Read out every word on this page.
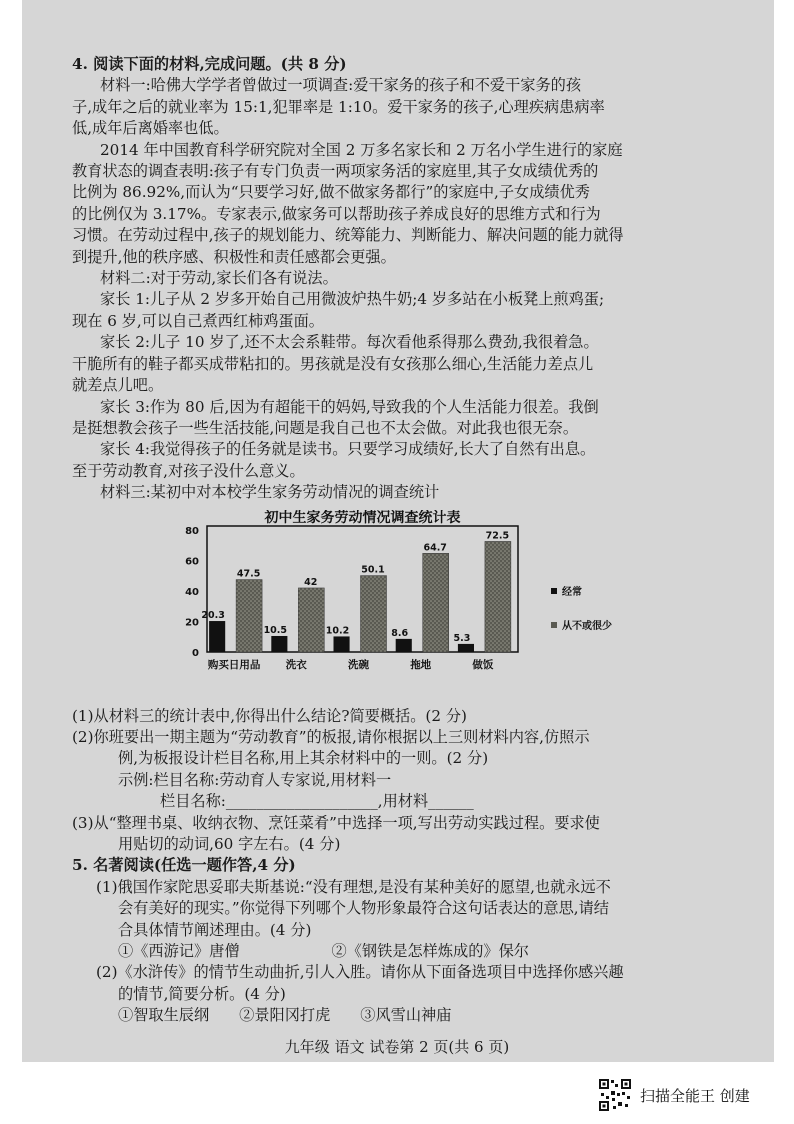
4. 阅读下面的材料,完成问题。(共 8 分)

材料一:哈佛大学学者曾做过一项调查:爱干家务的孩子和不爱干家务的孩

子,成年之后的就业率为 15:1,犯罪率是 1:10。爱干家务的孩子,心理疾病患病率

低,成年后离婚率也低。

2014 年中国教育科学研究院对全国 2 万多名家长和 2 万名小学生进行的家庭

教育状态的调查表明:孩子有专门负责一两项家务活的家庭里,其子女成绩优秀的

比例为 86.92%,而认为“只要学习好,做不做家务都行”的家庭中,子女成绩优秀

的比例仅为 3.17%。专家表示,做家务可以帮助孩子养成良好的思维方式和行为

习惯。在劳动过程中,孩子的规划能力、统筹能力、判断能力、解决问题的能力就得

到提升,他的秩序感、积极性和责任感都会更强。

材料二:对于劳动,家长们各有说法。

家长 1:儿子从 2 岁多开始自己用微波炉热牛奶;4 岁多站在小板凳上煎鸡蛋;

现在 6 岁,可以自己煮西红柿鸡蛋面。

家长 2:儿子 10 岁了,还不太会系鞋带。每次看他系得那么费劲,我很着急。

干脆所有的鞋子都买成带粘扣的。男孩就是没有女孩那么细心,生活能力差点儿

就差点儿吧。

家长 3:作为 80 后,因为有超能干的妈妈,导致我的个人生活能力很差。我倒

是挺想教会孩子一些生活技能,问题是我自己也不太会做。对此我也很无奈。

家长 4:我觉得孩子的任务就是读书。只要学习成绩好,长大了自然有出息。

至于劳动教育,对孩子没什么意义。

材料三:某初中对本校学生家务劳动情况的调查统计

初中生家务劳动情况调查统计表
0
20
40
60
80
20.3
47.5
购买日用品
10.5
42
洗衣
10.2
50.1
洗碗
8.6
64.7
拖地
5.3
72.5
做饭
经常
从不或很少

(1)从材料三的统计表中,你得出什么结论?简要概括。(2 分)

(2)你班要出一期主题为“劳动教育”的板报,请你根据以上三则材料内容,仿照示

例,为板报设计栏目名称,用上其余材料中的一则。(2 分)

示例:栏目名称:劳动育人专家说,用材料一

栏目名称:____________________,用材料______

(3)从“整理书桌、收纳衣物、烹饪菜肴”中选择一项,写出劳动实践过程。要求使

用贴切的动词,60 字左右。(4 分)

5. 名著阅读(任选一题作答,4 分)

(1)俄国作家陀思妥耶夫斯基说:“没有理想,是没有某种美好的愿望,也就永远不

会有美好的现实。”你觉得下列哪个人物形象最符合这句话表达的意思,请结

合具体情节阐述理由。(4 分)

①《西游记》唐僧	②《钢铁是怎样炼成的》保尔

(2)《水浒传》的情节生动曲折,引人入胜。请你从下面备选项目中选择你感兴趣

的情节,简要分析。(4 分)

①智取生辰纲 ②景阳冈打虎 ③风雪山神庙

九年级 语文 试卷第 2 页(共 6 页)
扫描全能王 创建
